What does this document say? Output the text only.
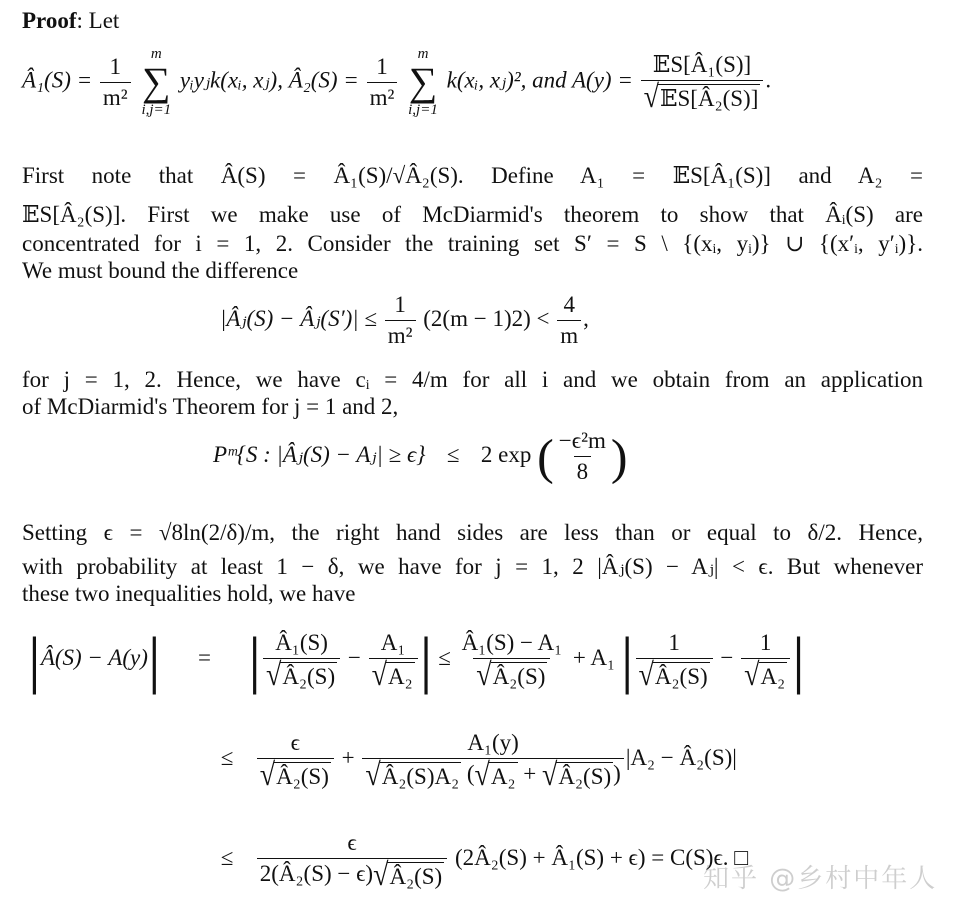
Proof: Let
Â₁(S) = $\frac{1}{\text{m²}}$
m
∑
i,j=1
yᵢyⱼk(xᵢ, xⱼ), Â₂(S) = $\frac{1}{\text{m²}}$
m
∑
i,j=1
k(xᵢ, xⱼ)², and $A(y) = \frac{\text{𝔼S[Â₁(S)]}}{\text{√ 𝔼S[Â₂(S)]}}$ .
First note that Â(S) = Â₁(S)/√Â₂(S). Define A₁ = 𝔼S[Â₁(S)] and A₂ =
𝔼S[Â₂(S)]. First we make use of McDiarmid's theorem to show that Âᵢ(S) are
concentrated for i = 1, 2. Consider the training set S′ = S \ {(xᵢ, yᵢ)} ∪ {(x′ᵢ, y′ᵢ)}.
We must bound the difference
|Âⱼ(S) − Âⱼ(S′)| ≤ $\frac{1}{\text{m²}} (2(m - 1)2) < \frac{4}{m}$ ,
for j = 1, 2. Hence, we have cᵢ = 4/m for all i and we obtain from an application
of McDiarmid's Theorem for j = 1 and 2,
Pᵐ{S : |Âⱼ(S) − Aⱼ| ≥ ϵ} ≤ 2 exp ( $\frac{\text{−ϵ²m}}{8}$ )
Setting ϵ = √8ln(2/δ)/m, the right hand sides are less than or equal to δ/2. Hence,
with probability at least 1 − δ, we have for j = 1, 2 |Âⱼ(S) − Aⱼ| < ϵ. But whenever
these two inequalities hold, we have
|Â(S) − A(y)| = | $\frac{\text{Â₁(S)}}{\text{√ Â₂(S)}} - \frac{\text{A₁}}{\text{√ A₂}}$ | ≤ $\frac{\text{Â₁(S) − A₁}}{\text{√ Â₂(S)}} + A_1$ | $\frac{1}{\text{√ Â₂(S)}} - \frac{1}{\text{√ A₂}}$ |
≤ $\frac{\epsilon}{\text{√ Â₂(S)}} + \frac{\text{A₁(y)}}{\text{√ Â₂(S)A₂ ( √ A₂ + √ Â₂(S) )}} |A_2$ − Â₂(S)|
≤ $\frac{\epsilon}{\text{2(Â₂(S) − ϵ) √ Â₂(S)}}$ (2Â₂(S) + Â₁(S) + ϵ) = C(S)ϵ. □
知乎 @乡村中年人
